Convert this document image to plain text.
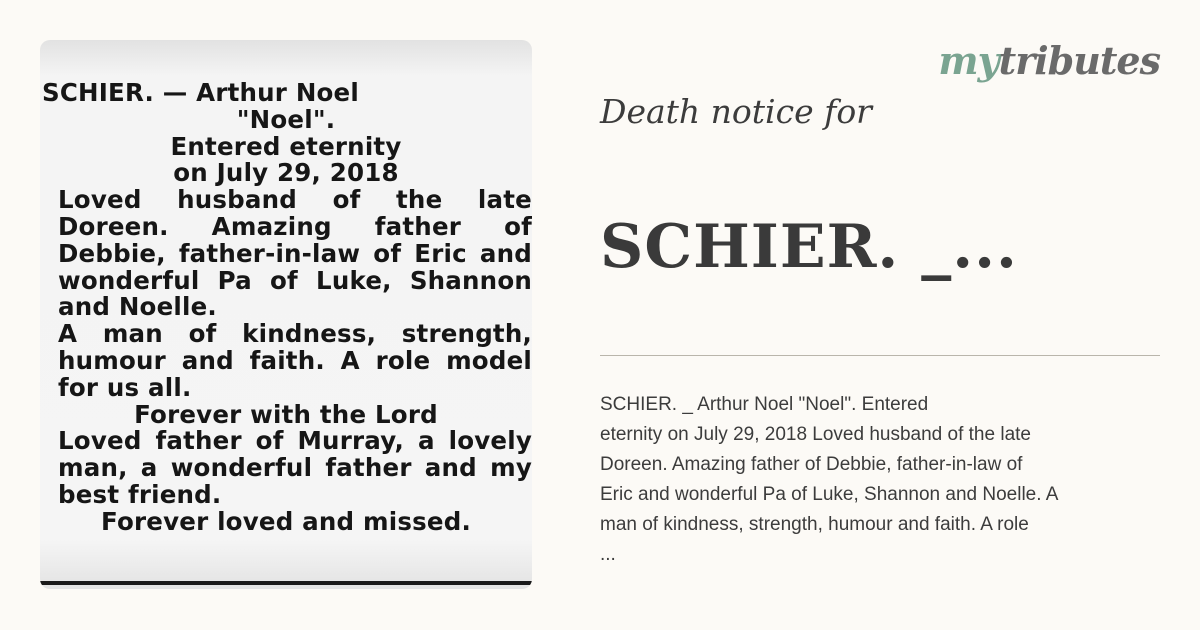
SCHIER. — Arthur Noel
"Noel".
Entered eternity
on July 29, 2018
Loved husband of the late
Doreen. Amazing father of
Debbie, father-in-law of Eric and
wonderful Pa of Luke, Shannon
and Noelle.
A man of kindness, strength,
humour and faith. A role model
for us all.
Forever with the Lord
Loved father of Murray, a lovely
man, a wonderful father and my
best friend.
Forever loved and missed.
mytributes
Death notice for
SCHIER. _...
SCHIER. _ Arthur Noel "Noel". Entered
eternity on July 29, 2018 Loved husband of the late
Doreen. Amazing father of Debbie, father-in-law of
Eric and wonderful Pa of Luke, Shannon and Noelle. A
man of kindness, strength, humour and faith. A role
...
